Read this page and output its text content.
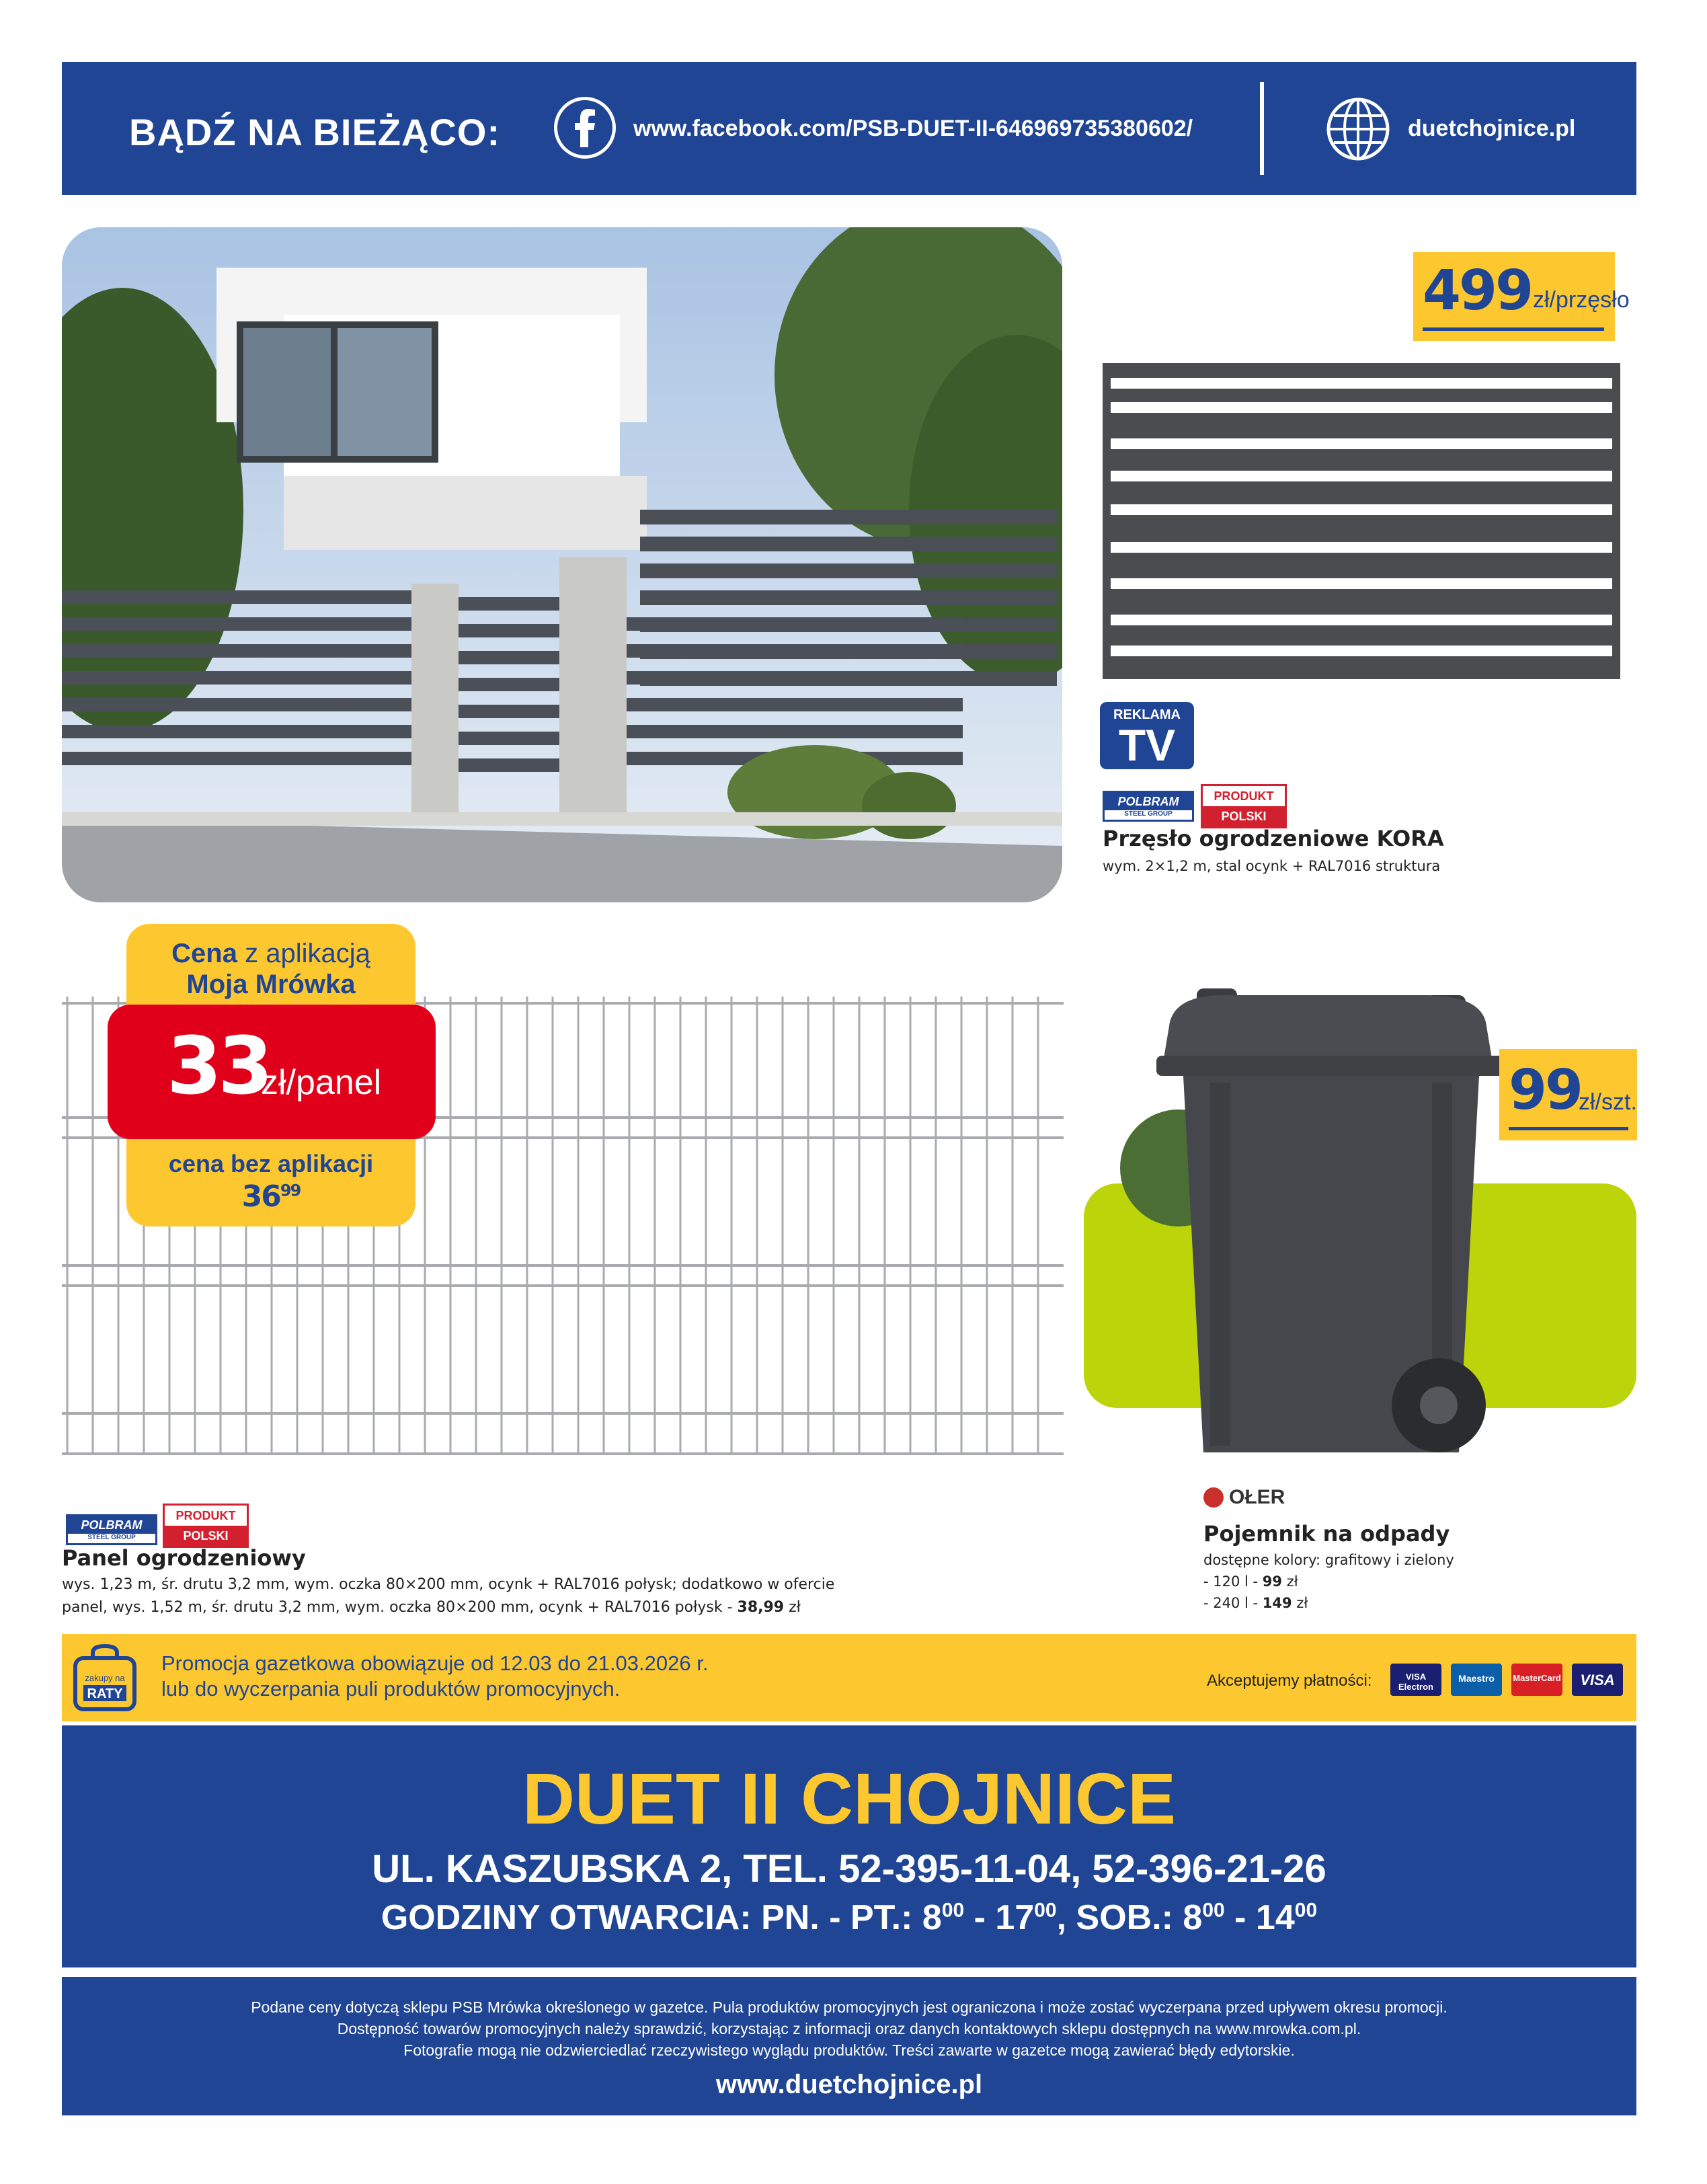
BĄDŹ NA BIEŻĄCO:	www.facebook.com/PSB-DUET-II-646969735380602/	duetchojnice.pl
499 zł/przęsło
REKLAMA
TV
POLBRAM
STEEL GROUP
PRODUKT
POLSKI
Przęsło ogrodzeniowe KORA
wym. 2×1,2 m, stal ocynk + RAL7016 struktura
Cena z aplikacją
Moja Mrówka
cena bez aplikacji
$36^{99}$
33
zł/panel
POLBRAM
STEEL GROUP
PRODUKT
POLSKI
Panel ogrodzeniowy
wys. 1,23 m, śr. drutu 3,2 mm, wym. oczka 80×200 mm, ocynk + RAL7016 połysk; dodatkowo w ofercie
panel, wys. 1,52 m, śr. drutu 3,2 mm, wym. oczka 80×200 mm, ocynk + RAL7016 połysk - 38,99 zł
99
zł/szt.
OŁER
Pojemnik na odpady
dostępne kolory: grafitowy i zielony
- 120 l - 99 zł
- 240 l - 149 zł
zakupy na
RATY
Promocja gazetkowa obowiązuje od 12.03 do 21.03.2026 r.
lub do wyczerpania puli produktów promocyjnych.	Akceptujemy płatności:	VISA Electron
Maestro	MasterCard	VISA
DUET II CHOJNICE
UL. KASZUBSKA 2, TEL. 52-395-11-04, 52-396-21-26
GODZINY OTWARCIA: PN. - PT.: $8^{00} - 17^{00}$, SOB.: $8^{00} - 14^{00}$
Podane ceny dotyczą sklepu PSB Mrówka określonego w gazetce. Pula produktów promocyjnych jest ograniczona i może zostać wyczerpana przed upływem okresu promocji.
Dostępność towarów promocyjnych należy sprawdzić, korzystając z informacji oraz danych kontaktowych sklepu dostępnych na www.mrowka.com.pl.
Fotografie mogą nie odzwierciedlać rzeczywistego wyglądu produktów. Treści zawarte w gazetce mogą zawierać błędy edytorskie.
www.duetchojnice.pl
